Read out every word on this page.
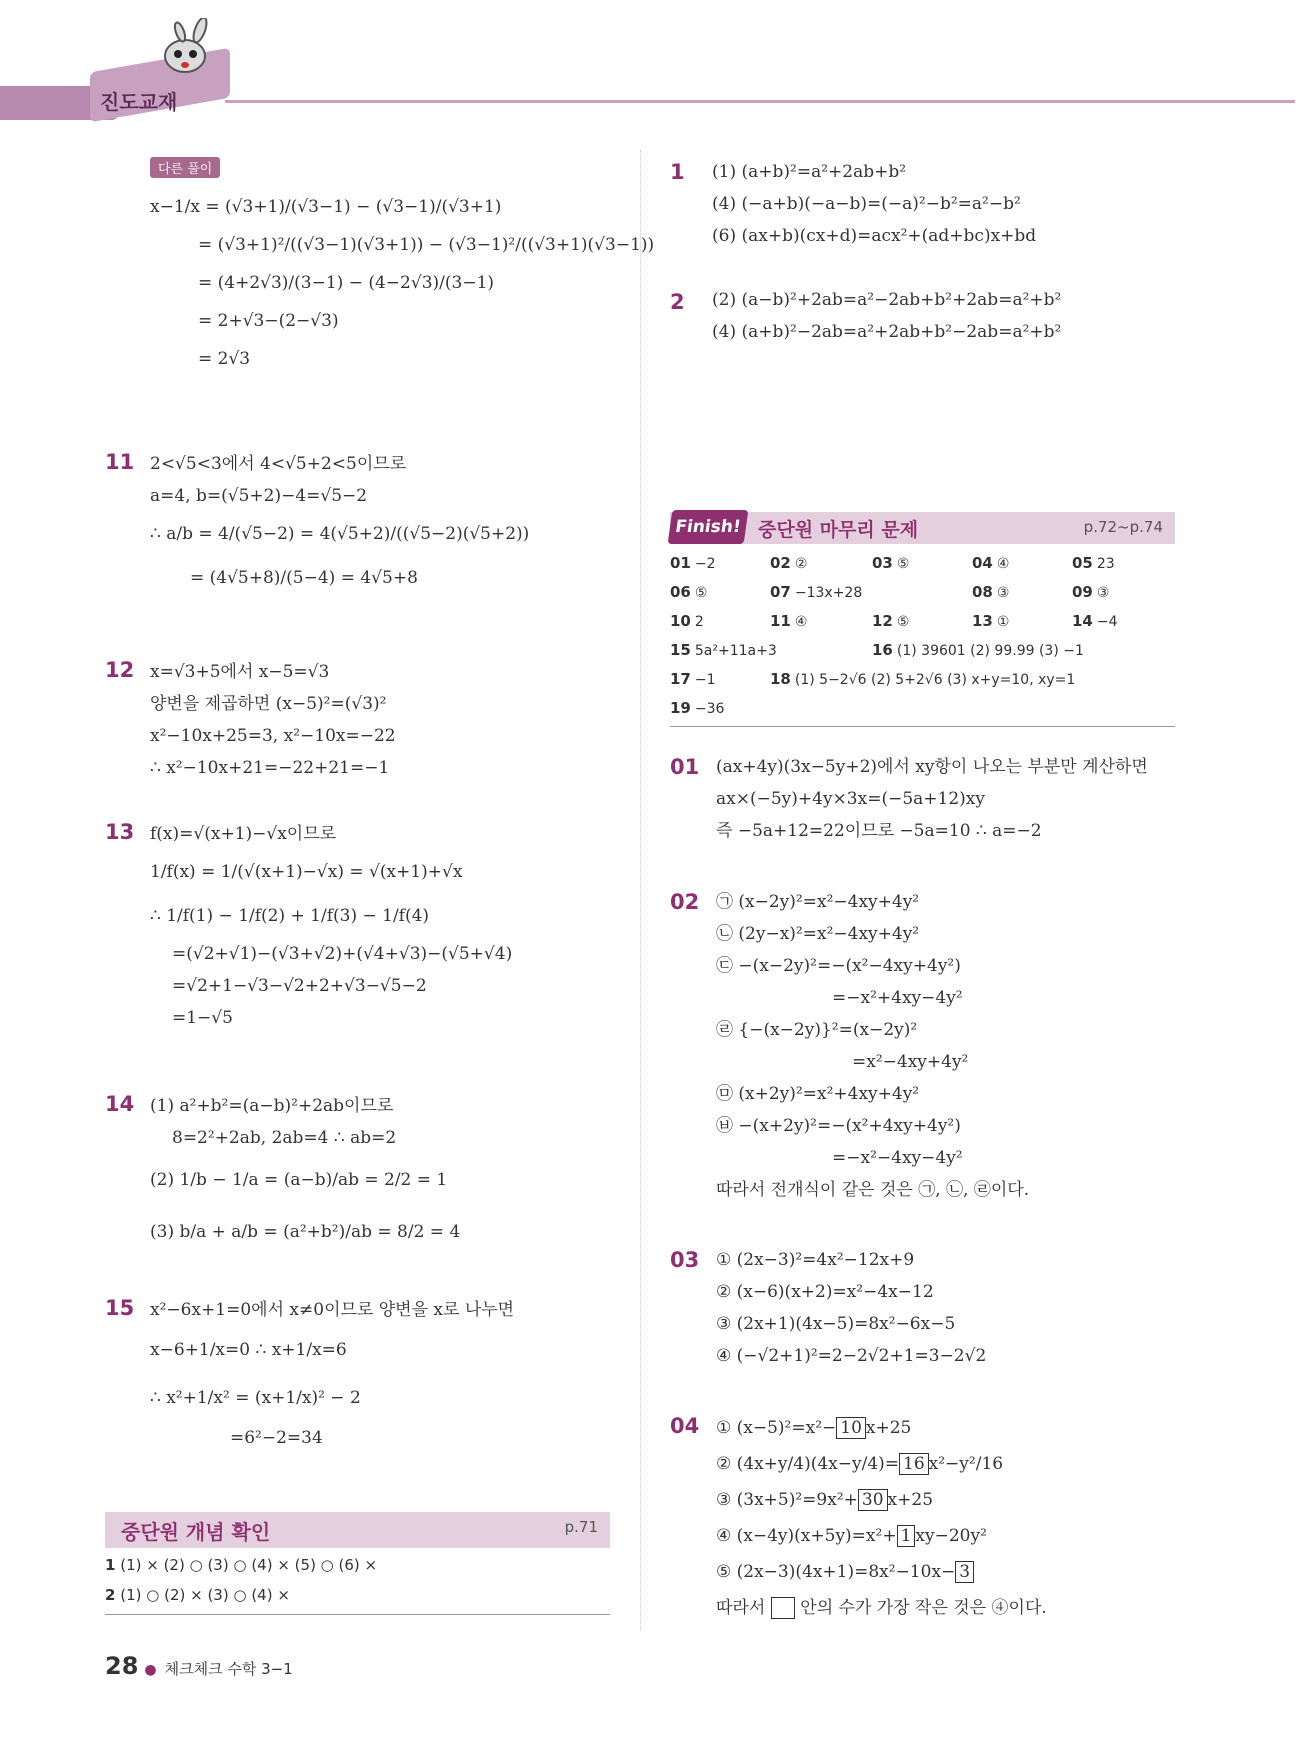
진도교재
다른 풀이
x−1/x = (√3+1)/(√3−1) − (√3−1)/(√3+1)
= (√3+1)²/((√3−1)(√3+1)) − (√3−1)²/((√3+1)(√3−1))
= (4+2√3)/(3−1) − (4−2√3)/(3−1)
= 2+√3−(2−√3)
= 2√3
11 2<√5<3에서 4<√5+2<5이므로
a=4, b=(√5+2)−4=√5−2
∴ a/b = 4/(√5−2) = 4(√5+2)/((√5−2)(√5+2))
= (4√5+8)/(5−4) = 4√5+8
12 x=√3+5에서 x−5=√3
양변을 제곱하면 (x−5)²=(√3)²
x²−10x+25=3, x²−10x=−22
∴ x²−10x+21=−22+21=−1
13 f(x)=√(x+1)−√x이므로
1/f(x) = 1/(√(x+1)−√x) = √(x+1)+√x
∴ 1/f(1) − 1/f(2) + 1/f(3) − 1/f(4)
=(√2+√1)−(√3+√2)+(√4+√3)−(√5+√4)
=√2+1−√3−√2+2+√3−√5−2
=1−√5
14 (1) a²+b²=(a−b)²+2ab이므로
8=2²+2ab, 2ab=4 ∴ ab=2
(2) 1/b − 1/a = (a−b)/ab = 2/2 = 1
(3) b/a + a/b = (a²+b²)/ab = 8/2 = 4
15 x²−6x+1=0에서 x≠0이므로 양변을 x로 나누면
x−6+1/x=0 ∴ x+1/x=6
∴ x²+1/x² = (x+1/x)² − 2
=6²−2=34
중단원 개념 확인	p.71
1 (1) × (2) ○ (3) ○ (4) × (5) ○ (6) ×
2 (1) ○ (2) × (3) ○ (4) ×
1 (1) (a+b)²=a²+2ab+b²
(4) (−a+b)(−a−b)=(−a)²−b²=a²−b²
(6) (ax+b)(cx+d)=acx²+(ad+bc)x+bd
2 (2) (a−b)²+2ab=a²−2ab+b²+2ab=a²+b²
(4) (a+b)²−2ab=a²+2ab+b²−2ab=a²+b²
중단원 마무리 문제	p.72~p.74
Finish!
01 −2	02 ②	03 ⑤	04 ④	05 23
06 ⑤	07 −13x+28	08 ③	09 ③
10 2	11 ④	12 ⑤	13 ①	14 −4
15 5a²+11a+3	16 (1) 39601 (2) 99.99 (3) −1
17 −1	18 (1) 5−2√6 (2) 5+2√6 (3) x+y=10, xy=1
19 −36
01 (ax+4y)(3x−5y+2)에서 xy항이 나오는 부분만 계산하면
ax×(−5y)+4y×3x=(−5a+12)xy
즉 −5a+12=22이므로 −5a=10 ∴ a=−2
02 ㉠ (x−2y)²=x²−4xy+4y²
㉡ (2y−x)²=x²−4xy+4y²
㉢ −(x−2y)²=−(x²−4xy+4y²)
=−x²+4xy−4y²
㉣ {−(x−2y)}²=(x−2y)²
=x²−4xy+4y²
㉤ (x+2y)²=x²+4xy+4y²
㉥ −(x+2y)²=−(x²+4xy+4y²)
=−x²−4xy−4y²
따라서 전개식이 같은 것은 ㉠, ㉡, ㉣이다.
03 ① (2x−3)²=4x²−12x+9
② (x−6)(x+2)=x²−4x−12
③ (2x+1)(4x−5)=8x²−6x−5
④ (−√2+1)²=2−2√2+1=3−2√2
04 ① (x−5)²=x²− 10 x+25
② (4x+y/4)(4x−y/4)= 16 x²−y²/16
③ (3x+5)²=9x²+ 30 x+25
④ (x−4y)(x+5y)=x²+ 1 xy−20y²
⑤ (2x−3)(4x+1)=8x²−10x− 3
따라서     안의 수가 가장 작은 것은 ④이다.
28 ● 체크체크 수학 3−1
